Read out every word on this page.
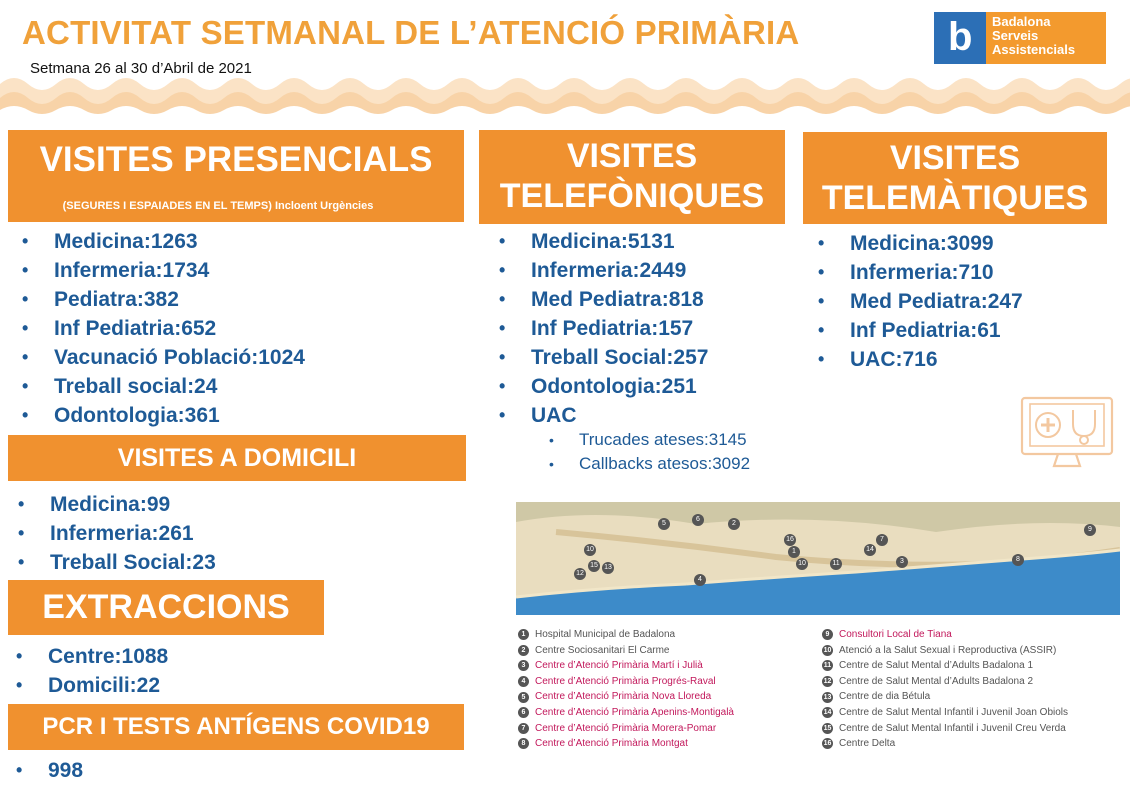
ACTIVITAT SETMANAL DE L’ATENCIÓ PRIMÀRIA
Setmana 26 al 30 d’Abril de 2021
b Badalona
Serveis
Assistencials
VISITES PRESENCIALS
(SEGURES I ESPAIADES EN EL TEMPS) Incloent Urgències
• Medicina:1263
• Infermeria:1734
• Pediatra:382
• Inf Pediatria:652
• Vacunació Població:1024
• Treball social:24
• Odontologia:361
VISITES A DOMICILI
• Medicina:99
• Infermeria:261
• Treball Social:23
EXTRACCIONS
• Centre:1088
• Domicili:22
PCR I TESTS ANTÍGENS COVID19
• 998
VISITES
TELEFÒNIQUES
• Medicina:5131
• Infermeria:2449
• Med Pediatra:818
• Inf Pediatria:157
• Treball Social:257
• Odontologia:251
• UAC
• Trucades ateses:3145
• Callbacks atesos:3092
VISITES
TELEMÀTIQUES
• Medicina:3099
• Infermeria:710
• Med Pediatra:247
• Inf Pediatria:61
• UAC:716
5
6
2
10
15
12
13
4
16
1
10	11
14
7
3	8
9
1 Hospital Municipal de Badalona
2 Centre Sociosanitari El Carme
3 Centre d’Atenció Primària Martí i Julià
4 Centre d’Atenció Primària Progrés-Raval
5 Centre d’Atenció Primària Nova Lloreda
6 Centre d’Atenció Primària Apenins-Montigalà
7 Centre d’Atenció Primària Morera-Pomar
8 Centre d’Atenció Primària Montgat
9 Consultori Local de Tiana
10 Atenció a la Salut Sexual i Reproductiva (ASSIR)
11 Centre de Salut Mental d’Adults Badalona 1
12 Centre de Salut Mental d’Adults Badalona 2
13 Centre de dia Bétula
14 Centre de Salut Mental Infantil i Juvenil Joan Obiols
15 Centre de Salut Mental Infantil i Juvenil Creu Verda
16 Centre Delta
